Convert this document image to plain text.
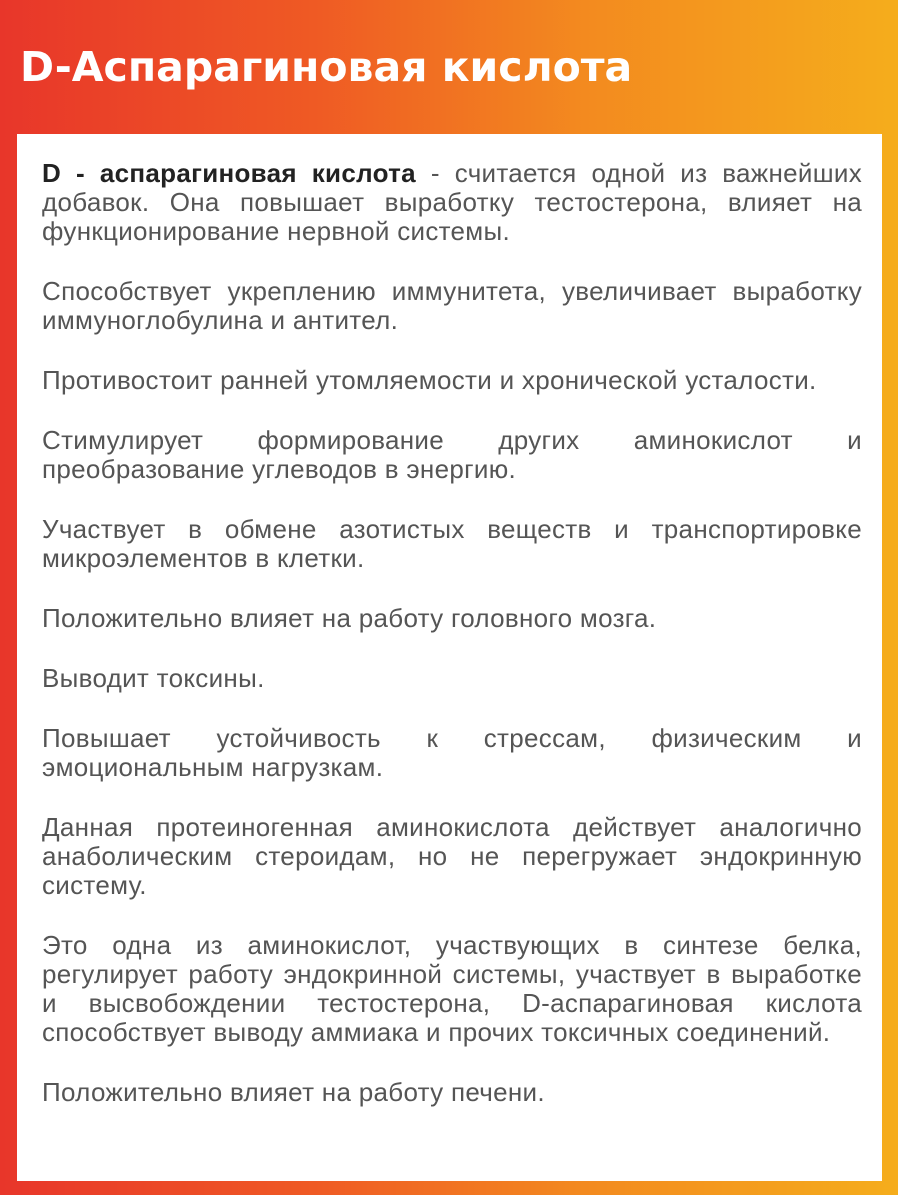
D-Аспарагиновая кислота

D - аспарагиновая кислота - считается одной из важнейших добавок. Она повышает выработку тестостерона, влияет на функционирование нервной системы.

Способствует укреплению иммунитета, увеличивает выработку иммуноглобулина и антител.

Противостоит ранней утомляемости и хронической усталости.

Стимулирует формирование других аминокислот и преобразование углеводов в энергию.

Участвует в обмене азотистых веществ и транспортировке микроэлементов в клетки.

Положительно влияет на работу головного мозга.

Выводит токсины.

Повышает устойчивость к стрессам, физическим и эмоциональным нагрузкам.

Данная протеиногенная аминокислота действует аналогично анаболическим стероидам, но не перегружает эндокринную систему.

Это одна из аминокислот, участвующих в синтезе белка, регулирует работу эндокринной системы, участвует в выработке и высвобождении тестостерона, D-аспарагиновая кислота способствует выводу аммиака и прочих токсичных соединений.

Положительно влияет на работу печени.
